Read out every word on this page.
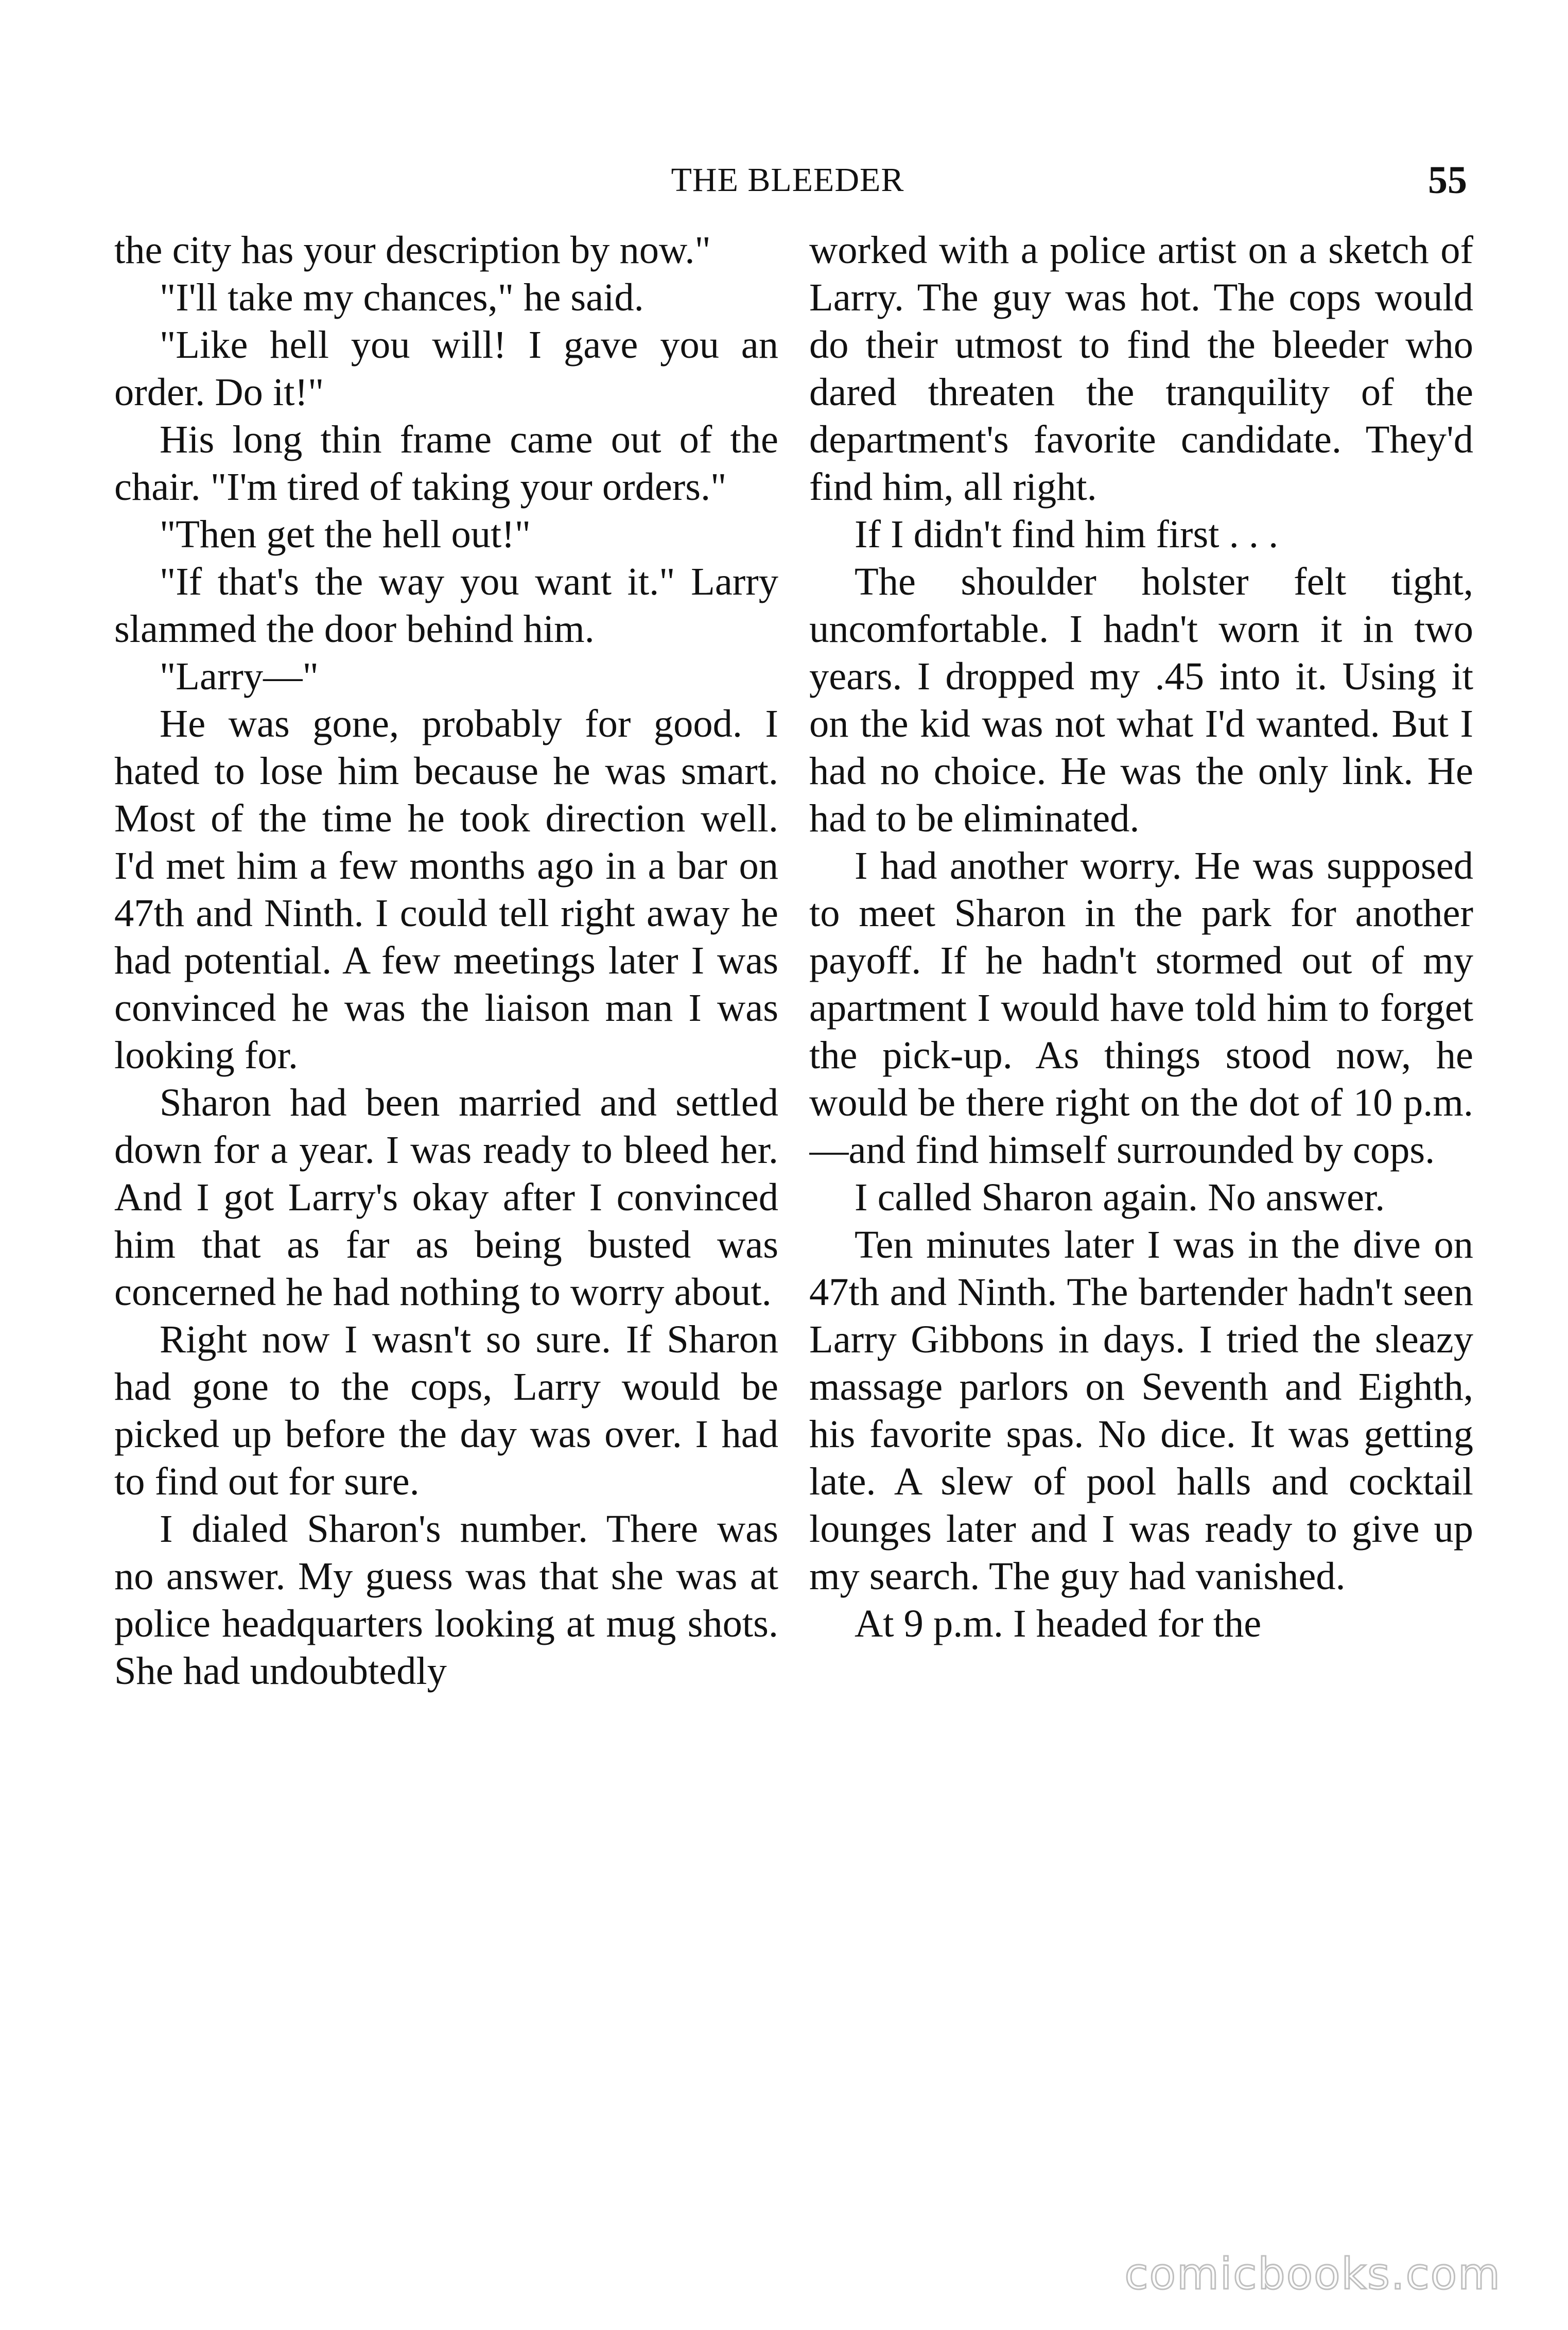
THE BLEEDER	55

the city has your description by now."

"I'll take my chances," he said.

"Like hell you will! I gave you an order. Do it!"

His long thin frame came out of the chair. "I'm tired of taking your orders."

"Then get the hell out!"

"If that's the way you want it." Larry slammed the door behind him.

"Larry—"

He was gone, probably for good. I hated to lose him because he was smart. Most of the time he took direction well. I'd met him a few months ago in a bar on 47th and Ninth. I could tell right away he had potential. A few meetings later I was convinced he was the liaison man I was looking for.

Sharon had been married and settled down for a year. I was ready to bleed her. And I got Larry's okay after I convinced him that as far as being busted was concerned he had nothing to worry about.

Right now I wasn't so sure. If Sharon had gone to the cops, Larry would be picked up before the day was over. I had to find out for sure.

I dialed Sharon's number. There was no answer. My guess was that she was at police headquarters looking at mug shots. She had undoubtedly

worked with a police artist on a sketch of Larry. The guy was hot. The cops would do their utmost to find the bleeder who dared threaten the tranquility of the department's favorite candidate. They'd find him, all right.

If I didn't find him first . . .

The shoulder holster felt tight, uncomfortable. I hadn't worn it in two years. I dropped my .45 into it. Using it on the kid was not what I'd wanted. But I had no choice. He was the only link. He had to be eliminated.

I had another worry. He was supposed to meet Sharon in the park for another payoff. If he hadn't stormed out of my apartment I would have told him to forget the pick-up. As things stood now, he would be there right on the dot of 10 p.m.—and find himself surrounded by cops.

I called Sharon again. No answer.

Ten minutes later I was in the dive on 47th and Ninth. The bartender hadn't seen Larry Gibbons in days. I tried the sleazy massage parlors on Seventh and Eighth, his favorite spas. No dice. It was getting late. A slew of pool halls and cocktail lounges later and I was ready to give up my search. The guy had vanished.

At 9 p.m. I headed for the

comicbooks.com
